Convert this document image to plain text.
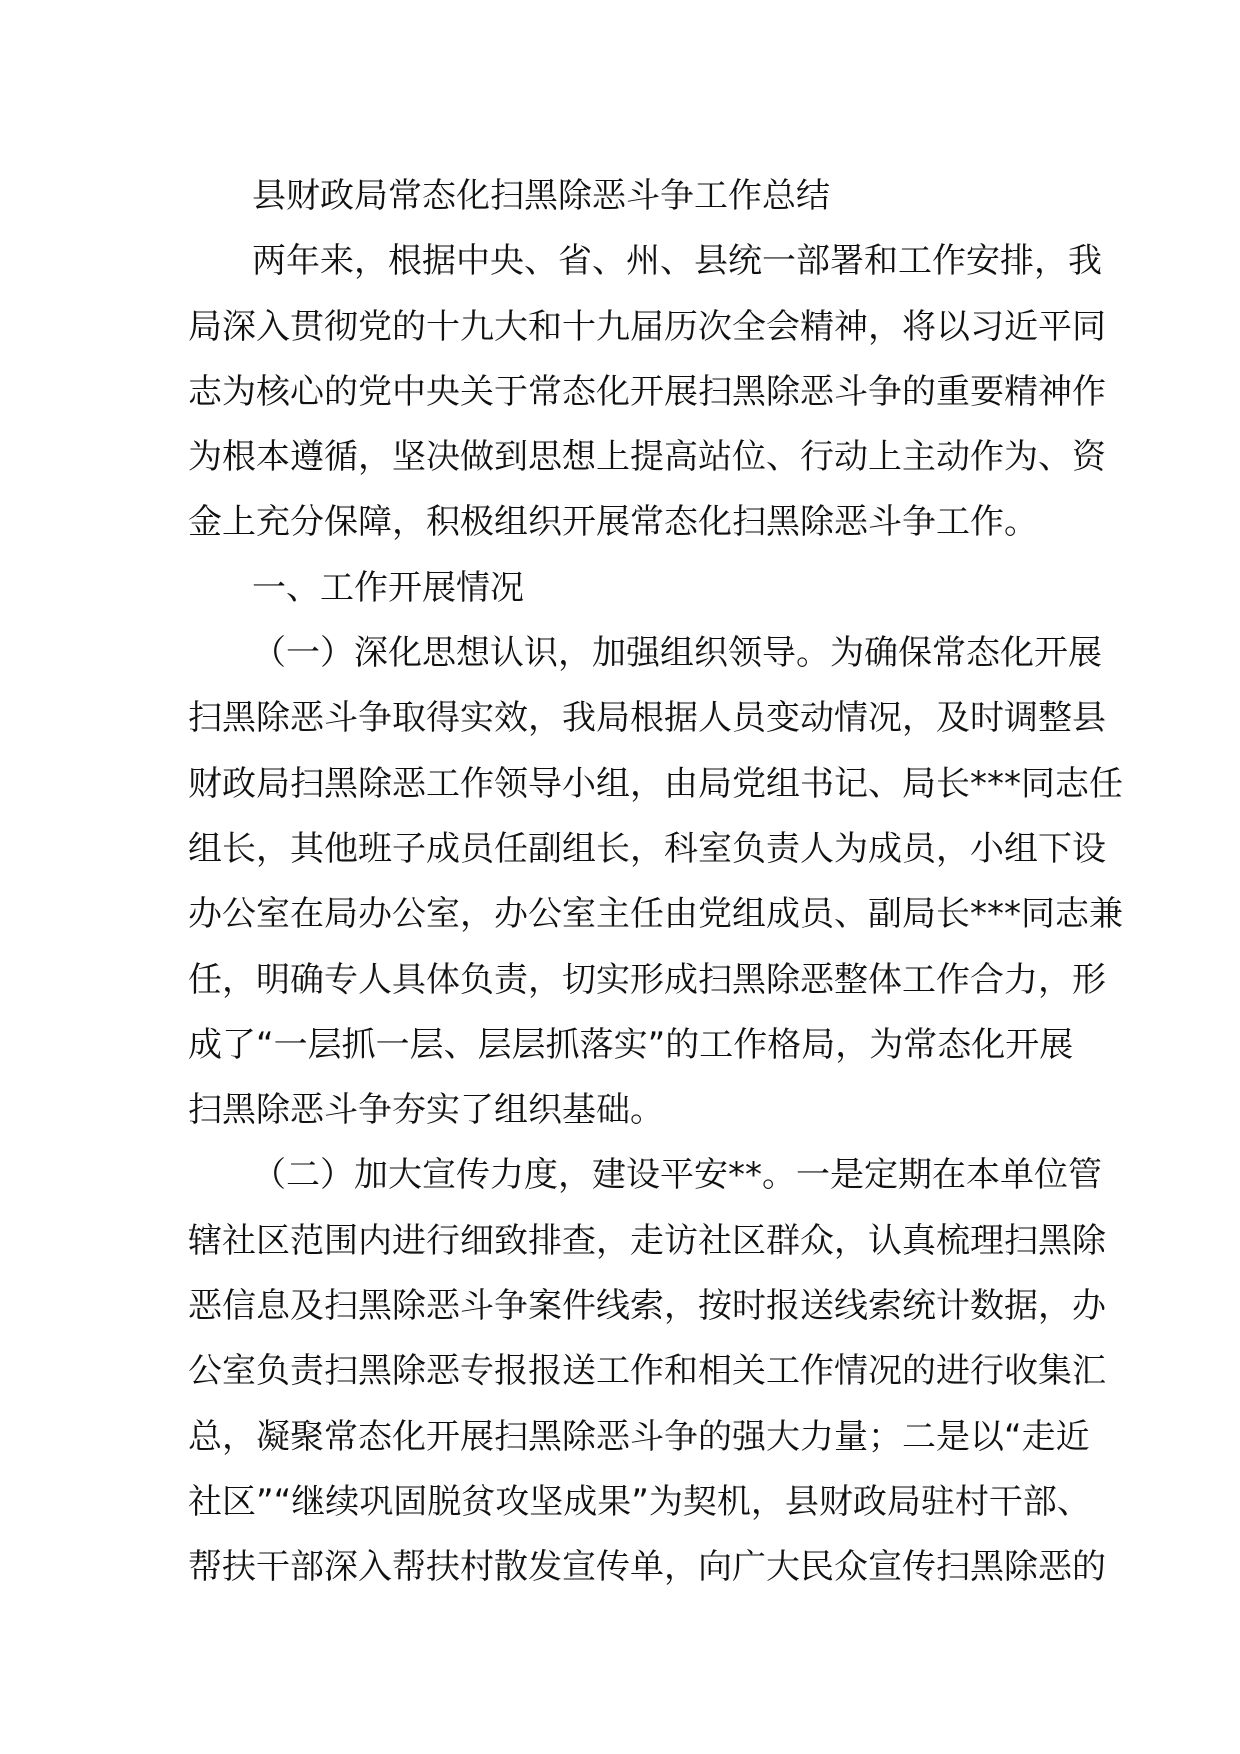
县财政局常态化扫黑除恶斗争工作总结
两年来，根据中央、省、州、县统一部署和工作安排，我
局深入贯彻党的十九大和十九届历次全会精神，将以习近平同
志为核心的党中央关于常态化开展扫黑除恶斗争的重要精神作
为根本遵循，坚决做到思想上提高站位、行动上主动作为、资
金上充分保障，积极组织开展常态化扫黑除恶斗争工作。
一、工作开展情况
（一）深化思想认识，加强组织领导。为确保常态化开展
扫黑除恶斗争取得实效，我局根据人员变动情况，及时调整县
财政局扫黑除恶工作领导小组，由局党组书记、局长***同志任
组长，其他班子成员任副组长，科室负责人为成员，小组下设
办公室在局办公室，办公室主任由党组成员、副局长***同志兼
任，明确专人具体负责，切实形成扫黑除恶整体工作合力，形
成了“一层抓一层、层层抓落实”的工作格局，为常态化开展
扫黑除恶斗争夯实了组织基础。
（二）加大宣传力度，建设平安**。一是定期在本单位管
辖社区范围内进行细致排查，走访社区群众，认真梳理扫黑除
恶信息及扫黑除恶斗争案件线索，按时报送线索统计数据，办
公室负责扫黑除恶专报报送工作和相关工作情况的进行收集汇
总，凝聚常态化开展扫黑除恶斗争的强大力量；二是以“走近
社区”“继续巩固脱贫攻坚成果”为契机，县财政局驻村干部、
帮扶干部深入帮扶村散发宣传单，向广大民众宣传扫黑除恶的
